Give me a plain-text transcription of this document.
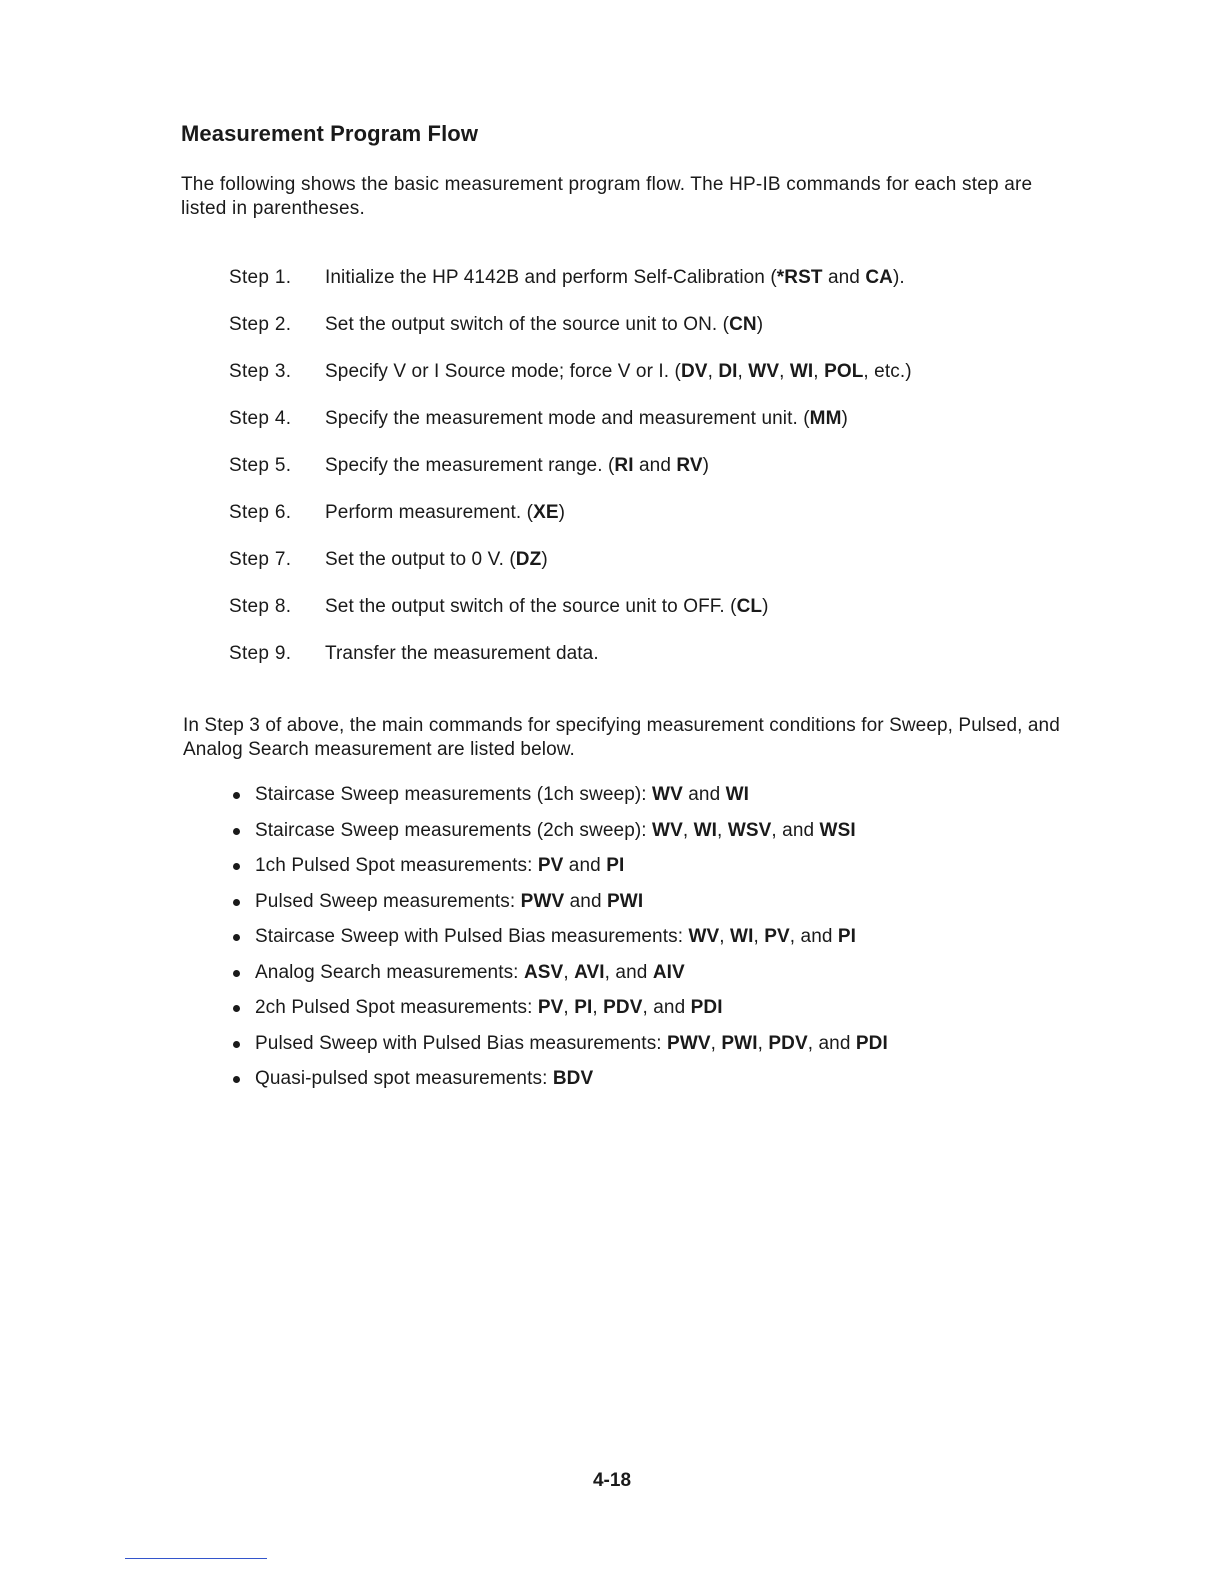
Measurement Program Flow

The following shows the basic measurement program flow. The HP-IB commands for each step are listed in parentheses.

Step 1. Initialize the HP 4142B and perform Self-Calibration (*RST and CA).
Step 2. Set the output switch of the source unit to ON. (CN)
Step 3. Specify V or I Source mode; force V or I. (DV, DI, WV, WI, POL, etc.)
Step 4. Specify the measurement mode and measurement unit. (MM)
Step 5. Specify the measurement range. (RI and RV)
Step 6. Perform measurement. (XE)
Step 7. Set the output to 0 V. (DZ)
Step 8. Set the output switch of the source unit to OFF. (CL)
Step 9. Transfer the measurement data.

In Step 3 of above, the main commands for specifying measurement conditions for Sweep, Pulsed, and Analog Search measurement are listed below.

Staircase Sweep measurements (1ch sweep): WV and WI
Staircase Sweep measurements (2ch sweep): WV, WI, WSV, and WSI
1ch Pulsed Spot measurements: PV and PI
Pulsed Sweep measurements: PWV and PWI
Staircase Sweep with Pulsed Bias measurements: WV, WI, PV, and PI
Analog Search measurements: ASV, AVI, and AIV
2ch Pulsed Spot measurements: PV, PI, PDV, and PDI
Pulsed Sweep with Pulsed Bias measurements: PWV, PWI, PDV, and PDI
Quasi-pulsed spot measurements: BDV
4-18
